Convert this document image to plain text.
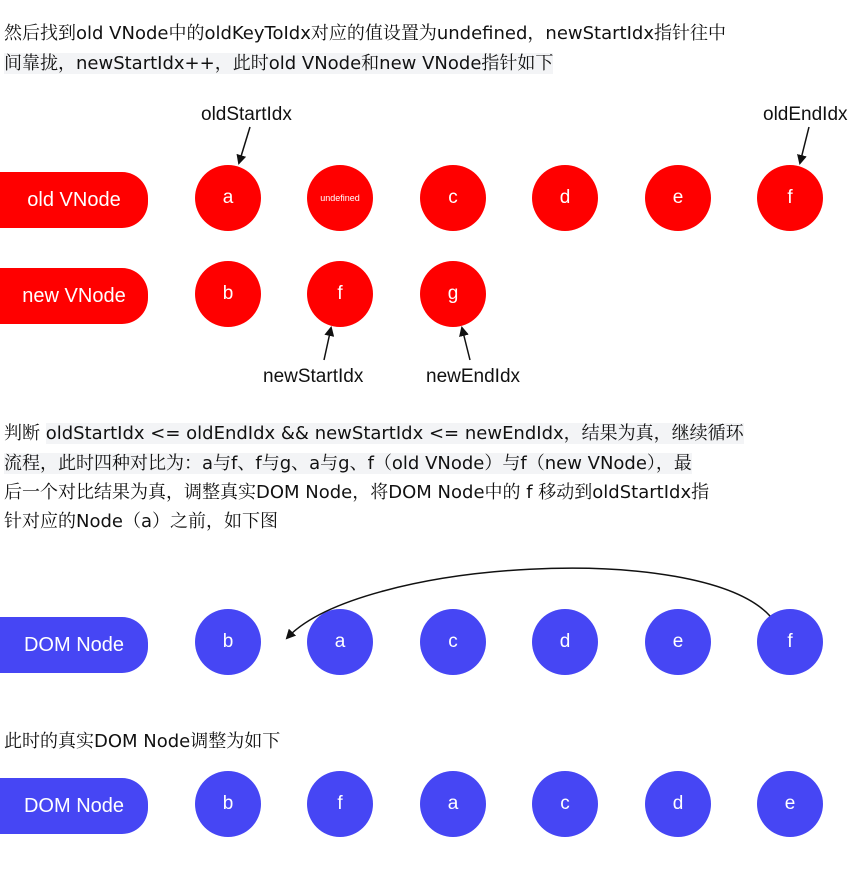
然后找到old VNode中的oldKeyToIdx对应的值设置为undefined，newStartIdx指针往中

间靠拢，newStartIdx++，此时old VNode和new VNode指针如下

oldStartIdx	oldEndIdx
old VNode	a	undefined	c	d	e	f
new VNode	b	f	g
newStartIdx	newEndIdx

判断 oldStartIdx <= oldEndIdx && newStartIdx <= newEndIdx，结果为真，继续循环

流程，此时四种对比为：a与f、f与g、a与g、f（old VNode）与f（new VNode），最

后一个对比结果为真，调整真实DOM Node，将DOM Node中的 f 移动到oldStartIdx指

针对应的Node（a）之前，如下图

DOM Node	b	a	c	d	e	f

此时的真实DOM Node调整为如下

DOM Node	b	f	a	c	d	e
